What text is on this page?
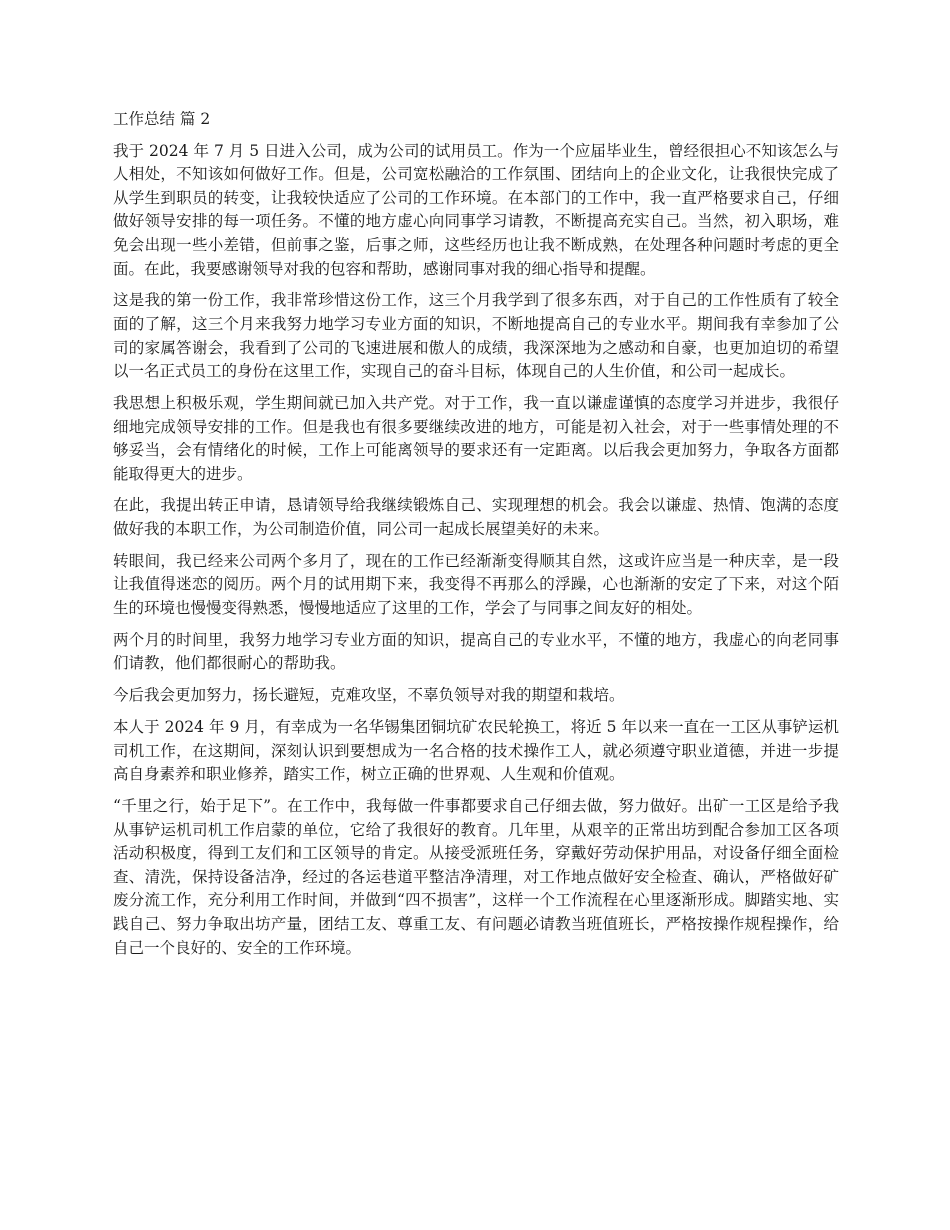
工作总结 篇 2

我于 2024 年 7 月 5 日进入公司，成为公司的试用员工。作为一个应届毕业生，曾经很担心不知该怎么与人相处，不知该如何做好工作。但是，公司宽松融洽的工作氛围、团结向上的企业文化，让我很快完成了从学生到职员的转变，让我较快适应了公司的工作环境。在本部门的工作中，我一直严格要求自己，仔细做好领导安排的每一项任务。不懂的地方虚心向同事学习请教，不断提高充实自己。当然，初入职场，难免会出现一些小差错，但前事之鉴，后事之师，这些经历也让我不断成熟，在处理各种问题时考虑的更全面。在此，我要感谢领导对我的包容和帮助，感谢同事对我的细心指导和提醒。

这是我的第一份工作，我非常珍惜这份工作，这三个月我学到了很多东西，对于自己的工作性质有了较全面的了解，这三个月来我努力地学习专业方面的知识，不断地提高自己的专业水平。期间我有幸参加了公司的家属答谢会，我看到了公司的飞速进展和傲人的成绩，我深深地为之感动和自豪，也更加迫切的希望以一名正式员工的身份在这里工作，实现自己的奋斗目标，体现自己的人生价值，和公司一起成长。

我思想上积极乐观，学生期间就已加入共产党。对于工作，我一直以谦虚谨慎的态度学习并进步，我很仔细地完成领导安排的工作。但是我也有很多要继续改进的地方，可能是初入社会，对于一些事情处理的不够妥当，会有情绪化的时候，工作上可能离领导的要求还有一定距离。以后我会更加努力，争取各方面都能取得更大的进步。

在此，我提出转正申请，恳请领导给我继续锻炼自己、实现理想的机会。我会以谦虚、热情、饱满的态度做好我的本职工作，为公司制造价值，同公司一起成长展望美好的未来。

转眼间，我已经来公司两个多月了，现在的工作已经渐渐变得顺其自然，这或许应当是一种庆幸，是一段让我值得迷恋的阅历。两个月的试用期下来，我变得不再那么的浮躁，心也渐渐的安定了下来，对这个陌生的环境也慢慢变得熟悉，慢慢地适应了这里的工作，学会了与同事之间友好的相处。

两个月的时间里，我努力地学习专业方面的知识，提高自己的专业水平，不懂的地方，我虚心的向老同事们请教，他们都很耐心的帮助我。

今后我会更加努力，扬长避短，克难攻坚，不辜负领导对我的期望和栽培。

本人于 2024 年 9 月，有幸成为一名华锡集团铜坑矿农民轮换工，将近 5 年以来一直在一工区从事铲运机司机工作，在这期间，深刻认识到要想成为一名合格的技术操作工人，就必须遵守职业道德，并进一步提高自身素养和职业修养，踏实工作，树立正确的世界观、人生观和价值观。

“千里之行，始于足下”。在工作中，我每做一件事都要求自己仔细去做，努力做好。出矿一工区是给予我从事铲运机司机工作启蒙的单位，它给了我很好的教育。几年里，从艰辛的正常出坊到配合参加工区各项活动积极度，得到工友们和工区领导的肯定。从接受派班任务，穿戴好劳动保护用品，对设备仔细全面检查、清洗，保持设备洁净，经过的各运巷道平整洁净清理，对工作地点做好安全检查、确认，严格做好矿废分流工作，充分利用工作时间，并做到“四不损害”，这样一个工作流程在心里逐渐形成。脚踏实地、实践自己、努力争取出坊产量，团结工友、尊重工友、有问题必请教当班值班长，严格按操作规程操作，给自己一个良好的、安全的工作环境。
